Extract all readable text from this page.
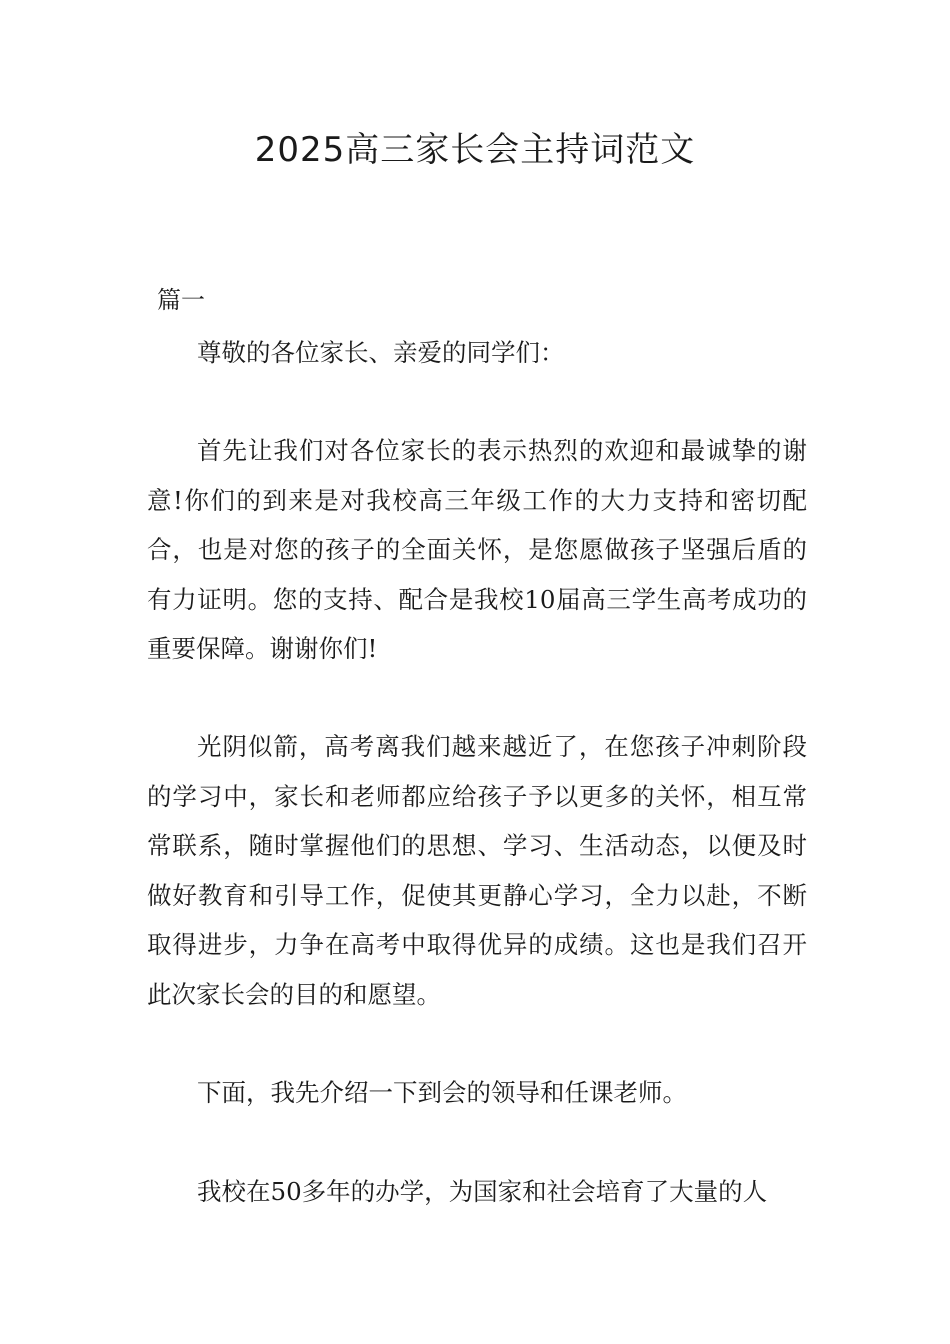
2025高三家长会主持词范文

篇一

尊敬的各位家长、亲爱的同学们：

首先让我们对各位家长的表示热烈的欢迎和最诚挚的谢意!你们的到来是对我校高三年级工作的大力支持和密切配合，也是对您的孩子的全面关怀，是您愿做孩子坚强后盾的有力证明。您的支持、配合是我校10届高三学生高考成功的重要保障。谢谢你们!

光阴似箭，高考离我们越来越近了，在您孩子冲刺阶段的学习中，家长和老师都应给孩子予以更多的关怀，相互常常联系，随时掌握他们的思想、学习、生活动态，以便及时做好教育和引导工作，促使其更静心学习，全力以赴，不断取得进步，力争在高考中取得优异的成绩。这也是我们召开此次家长会的目的和愿望。

下面，我先介绍一下到会的领导和任课老师。

我校在50多年的办学，为国家和社会培育了大量的人
